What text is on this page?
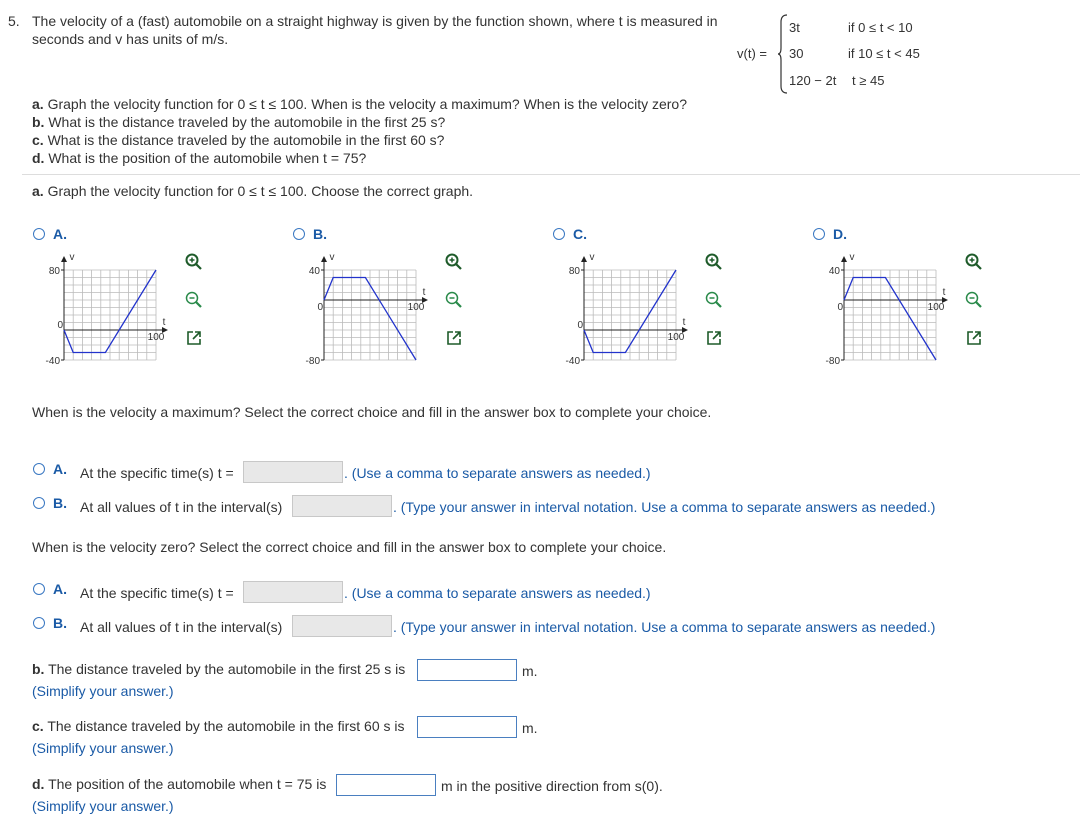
5. The velocity of a (fast) automobile on a straight highway is given by the function shown, where t is measured in
seconds and v has units of m/s.
v(t) =
3t	if 0 ≤ t < 10
30	if 10 ≤ t < 45
120 − 2t t ≥ 45
a. Graph the velocity function for 0 ≤ t ≤ 100. When is the velocity a maximum? When is the velocity zero?
b. What is the distance traveled by the automobile in the first 25 s?
c. What is the distance traveled by the automobile in the first 60 s?
d. What is the position of the automobile when t = 75?
a. Graph the velocity function for 0 ≤ t ≤ 100. Choose the correct graph.
A.
80
-40
0
100
t
v
B.
40
-80
0	100
t
v
C.
80
-40
0
100
t
v
D.
40
-80
0	100
t
v
When is the velocity a maximum? Select the correct choice and fill in the answer box to complete your choice.
A. At the specific time(s) t =	. (Use a comma to separate answers as needed.)
B. At all values of t in the interval(s)	. (Type your answer in interval notation. Use a comma to separate answers as needed.)
When is the velocity zero? Select the correct choice and fill in the answer box to complete your choice.
A. At the specific time(s) t =	. (Use a comma to separate answers as needed.)
B. At all values of t in the interval(s)	. (Type your answer in interval notation. Use a comma to separate answers as needed.)
b. The distance traveled by the automobile in the first 25 s is	m.
(Simplify your answer.)
c. The distance traveled by the automobile in the first 60 s is	m.
(Simplify your answer.)
d. The position of the automobile when t = 75 is	m in the positive direction from s(0).
(Simplify your answer.)
